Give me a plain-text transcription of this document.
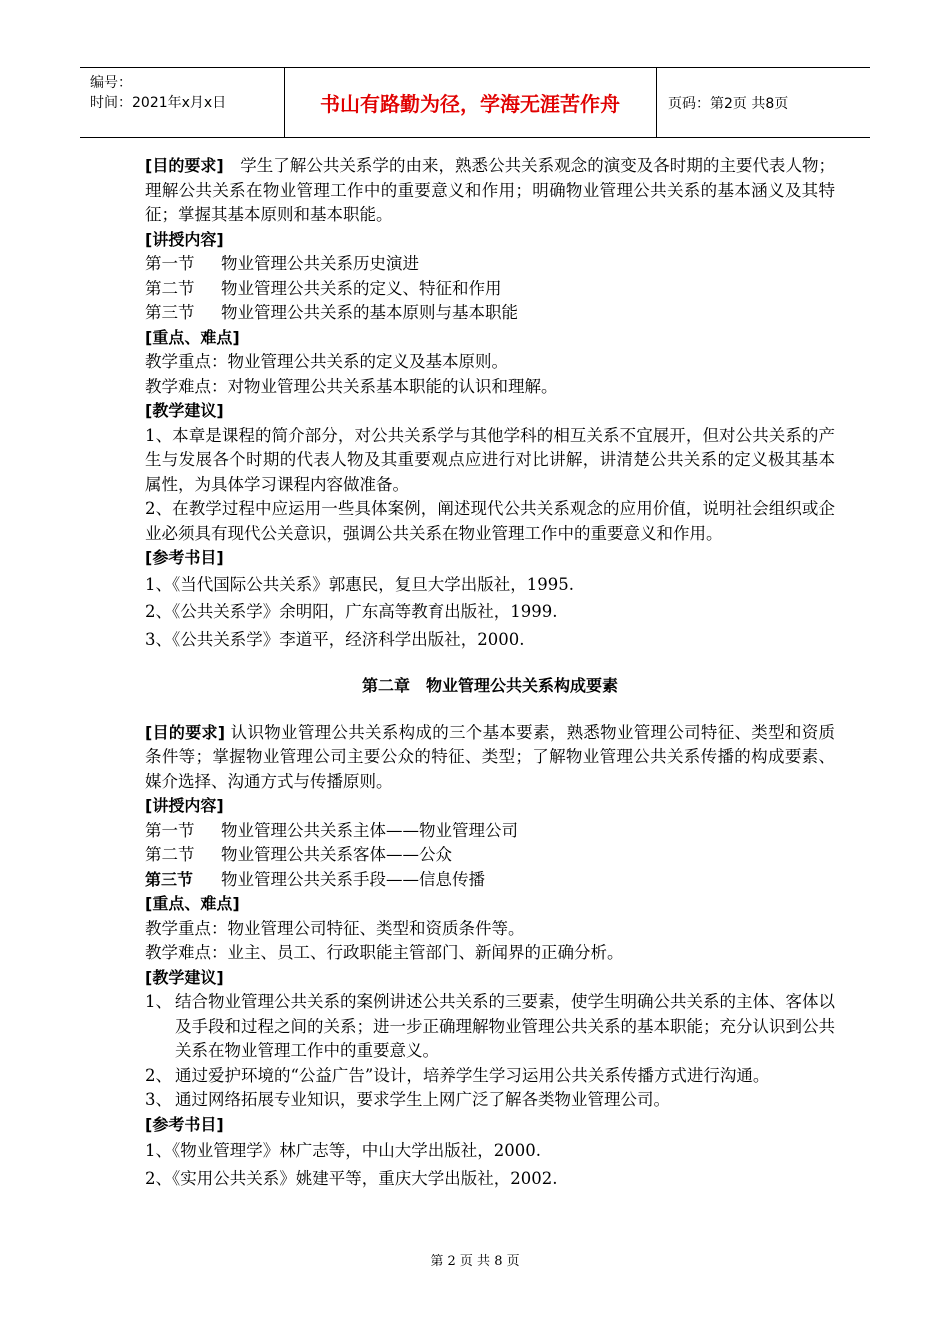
编号：
时间：2021年x月x日	书山有路勤为径，学海无涯苦作舟	页码：第2页 共8页

[目的要求]  学生了解公共关系学的由来，熟悉公共关系观念的演变及各时期的主要代表人物；理解公共关系在物业管理工作中的重要意义和作用；明确物业管理公共关系的基本涵义及其特征；掌握其基本原则和基本职能。

[讲授内容]

第一节 物业管理公共关系历史演进

第二节 物业管理公共关系的定义、特征和作用

第三节 物业管理公共关系的基本原则与基本职能

[重点、难点]

教学重点：物业管理公共关系的定义及基本原则。

教学难点：对物业管理公共关系基本职能的认识和理解。

[教学建议]

1、本章是课程的简介部分，对公共关系学与其他学科的相互关系不宜展开，但对公共关系的产生与发展各个时期的代表人物及其重要观点应进行对比讲解，讲清楚公共关系的定义极其基本属性，为具体学习课程内容做准备。

2、在教学过程中应运用一些具体案例，阐述现代公共关系观念的应用价值，说明社会组织或企业必须具有现代公关意识，强调公共关系在物业管理工作中的重要意义和作用。

[参考书目]

1、《当代国际公共关系》郭惠民，复旦大学出版社，1995.

2、《公共关系学》余明阳，广东高等教育出版社，1999.

3、《公共关系学》李道平，经济科学出版社，2000.

第二章　物业管理公共关系构成要素

[目的要求] 认识物业管理公共关系构成的三个基本要素，熟悉物业管理公司特征、类型和资质条件等；掌握物业管理公司主要公众的特征、类型；了解物业管理公共关系传播的构成要素、媒介选择、沟通方式与传播原则。

[讲授内容]

第一节 物业管理公共关系主体——物业管理公司

第二节 物业管理公共关系客体——公众

第三节 物业管理公共关系手段——信息传播

[重点、难点]

教学重点：物业管理公司特征、类型和资质条件等。

教学难点：业主、员工、行政职能主管部门、新闻界的正确分析。

[教学建议]

1、 结合物业管理公共关系的案例讲述公共关系的三要素，使学生明确公共关系的主体、客体以及手段和过程之间的关系；进一步正确理解物业管理公共关系的基本职能；充分认识到公共关系在物业管理工作中的重要意义。

2、 通过爱护环境的“公益广告”设计，培养学生学习运用公共关系传播方式进行沟通。

3、 通过网络拓展专业知识，要求学生上网广泛了解各类物业管理公司。

[参考书目]

1、《物业管理学》林广志等，中山大学出版社，2000.

2、《实用公共关系》姚建平等，重庆大学出版社，2002.

第 2 页 共 8 页
